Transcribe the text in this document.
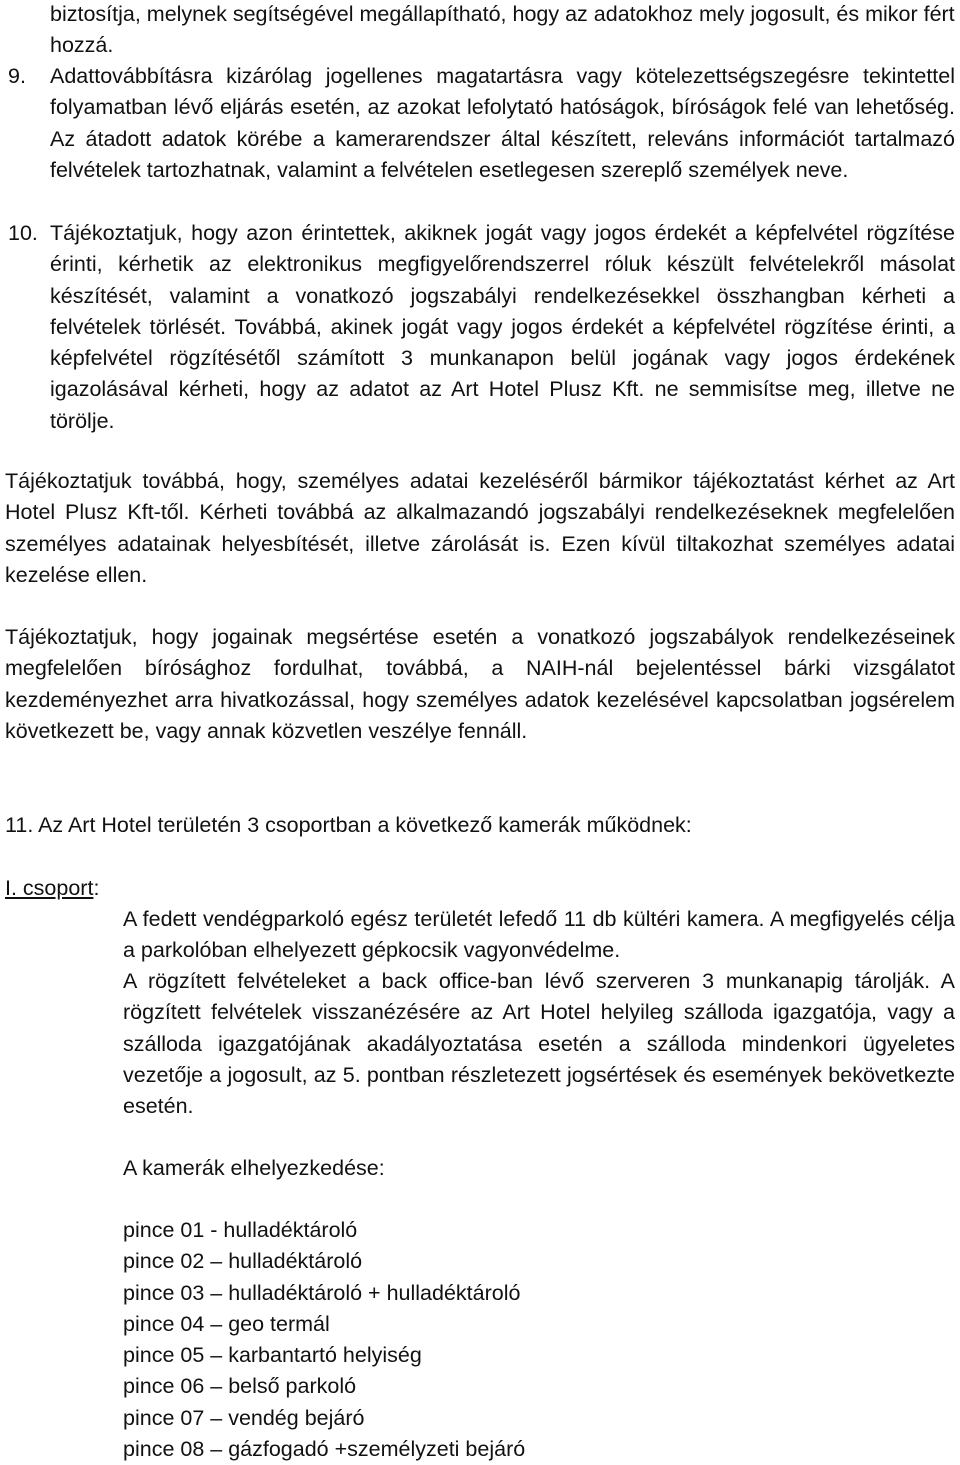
biztosítja, melynek segítségével megállapítható, hogy az adatokhoz mely jogosult, és mikor fért hozzá.

9. Adattovábbításra kizárólag jogellenes magatartásra vagy kötelezettségszegésre tekintettel folyamatban lévő eljárás esetén, az azokat lefolytató hatóságok, bíróságok felé van lehetőség. Az átadott adatok körébe a kamerarendszer által készített, releváns információt tartalmazó felvételek tartozhatnak, valamint a felvételen esetlegesen szereplő személyek neve.

10. Tájékoztatjuk, hogy azon érintettek, akiknek jogát vagy jogos érdekét a képfelvétel rögzítése érinti, kérhetik az elektronikus megfigyelőrendszerrel róluk készült felvételekről másolat készítését, valamint a vonatkozó jogszabályi rendelkezésekkel összhangban kérheti a felvételek törlését. Továbbá, akinek jogát vagy jogos érdekét a képfelvétel rögzítése érinti, a képfelvétel rögzítésétől számított 3 munkanapon belül jogának vagy jogos érdekének igazolásával kérheti, hogy az adatot az Art Hotel Plusz Kft. ne semmisítse meg, illetve ne törölje.

Tájékoztatjuk továbbá, hogy, személyes adatai kezeléséről bármikor tájékoztatást kérhet az Art Hotel Plusz Kft-től. Kérheti továbbá az alkalmazandó jogszabályi rendelkezéseknek megfelelően személyes adatainak helyesbítését, illetve zárolását is. Ezen kívül tiltakozhat személyes adatai kezelése ellen.

Tájékoztatjuk, hogy jogainak megsértése esetén a vonatkozó jogszabályok rendelkezéseinek megfelelően bírósághoz fordulhat, továbbá, a NAIH-nál bejelentéssel bárki vizsgálatot kezdeményezhet arra hivatkozással, hogy személyes adatok kezelésével kapcsolatban jogsérelem következett be, vagy annak közvetlen veszélye fennáll.

11. Az Art Hotel területén 3 csoportban a következő kamerák működnek:

I. csoport:

A fedett vendégparkoló egész területét lefedő 11 db kültéri kamera. A megfigyelés célja a parkolóban elhelyezett gépkocsik vagyonvédelme.

A rögzített felvételeket a back office-ban lévő szerveren 3 munkanapig tárolják. A rögzített felvételek visszanézésére az Art Hotel helyileg szálloda igazgatója, vagy a szálloda igazgatójának akadályoztatása esetén a szálloda mindenkori ügyeletes vezetője a jogosult, az 5. pontban részletezett jogsértések és események bekövetkezte esetén.

A kamerák elhelyezkedése:

pince 01 - hulladéktároló
pince 02 – hulladéktároló
pince 03 – hulladéktároló + hulladéktároló
pince 04 – geo termál
pince 05 – karbantartó helyiség
pince 06 – belső parkoló
pince 07 – vendég bejáró
pince 08 – gázfogadó +személyzeti bejáró
